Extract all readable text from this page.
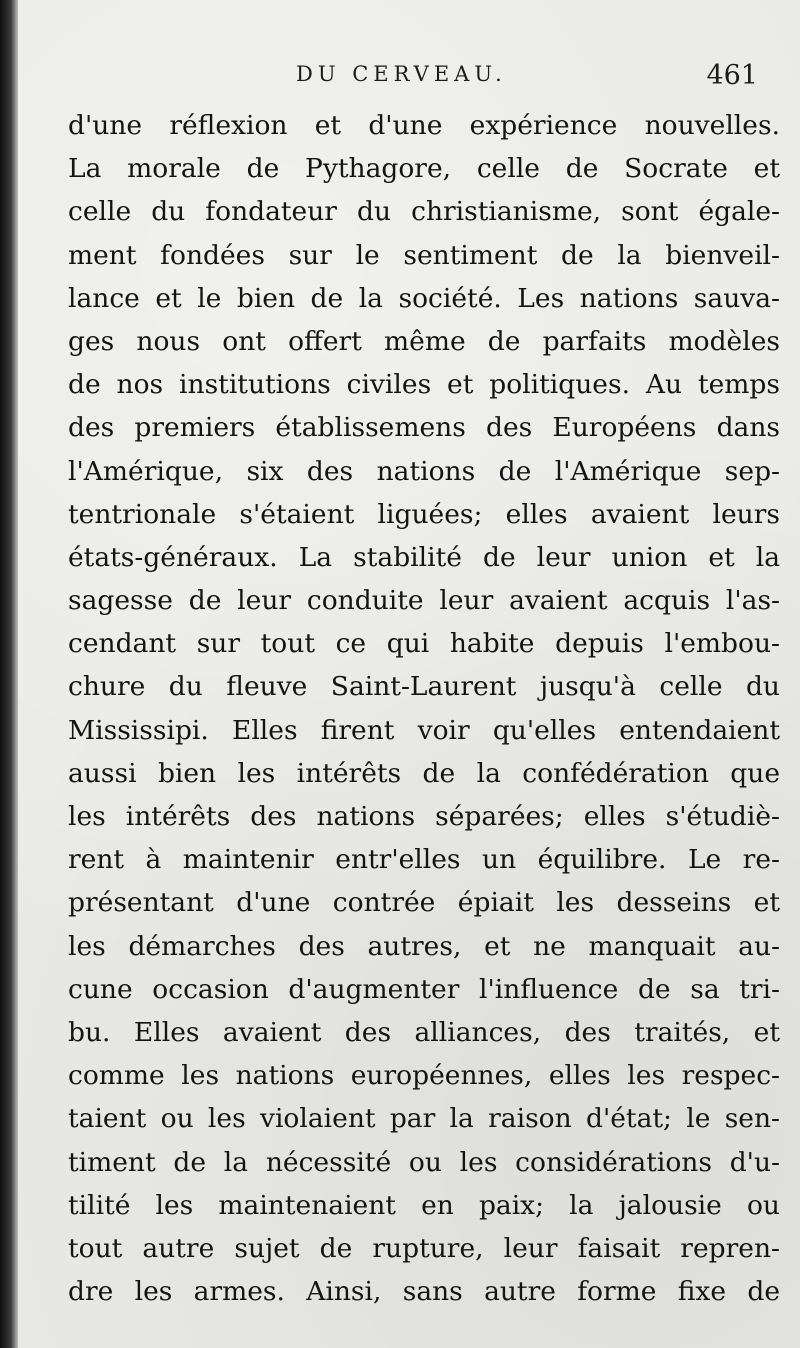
DU CERVEAU.	461
d'une réflexion et d'une expérience nouvelles.
La morale de Pythagore, celle de Socrate et
celle du fondateur du christianisme, sont égale-
ment fondées sur le sentiment de la bienveil-
lance et le bien de la société. Les nations sauva-
ges nous ont offert même de parfaits modèles
de nos institutions civiles et politiques. Au temps
des premiers établissemens des Européens dans
l'Amérique, six des nations de l'Amérique sep-
tentrionale s'étaient liguées; elles avaient leurs
états-généraux. La stabilité de leur union et la
sagesse de leur conduite leur avaient acquis l'as-
cendant sur tout ce qui habite depuis l'embou-
chure du fleuve Saint-Laurent jusqu'à celle du
Mississipi. Elles firent voir qu'elles entendaient
aussi bien les intérêts de la confédération que
les intérêts des nations séparées; elles s'étudiè-
rent à maintenir entr'elles un équilibre. Le re-
présentant d'une contrée épiait les desseins et
les démarches des autres, et ne manquait au-
cune occasion d'augmenter l'influence de sa tri-
bu. Elles avaient des alliances, des traités, et
comme les nations européennes, elles les respec-
taient ou les violaient par la raison d'état; le sen-
timent de la nécessité ou les considérations d'u-
tilité les maintenaient en paix; la jalousie ou
tout autre sujet de rupture, leur faisait repren-
dre les armes. Ainsi, sans autre forme fixe de
